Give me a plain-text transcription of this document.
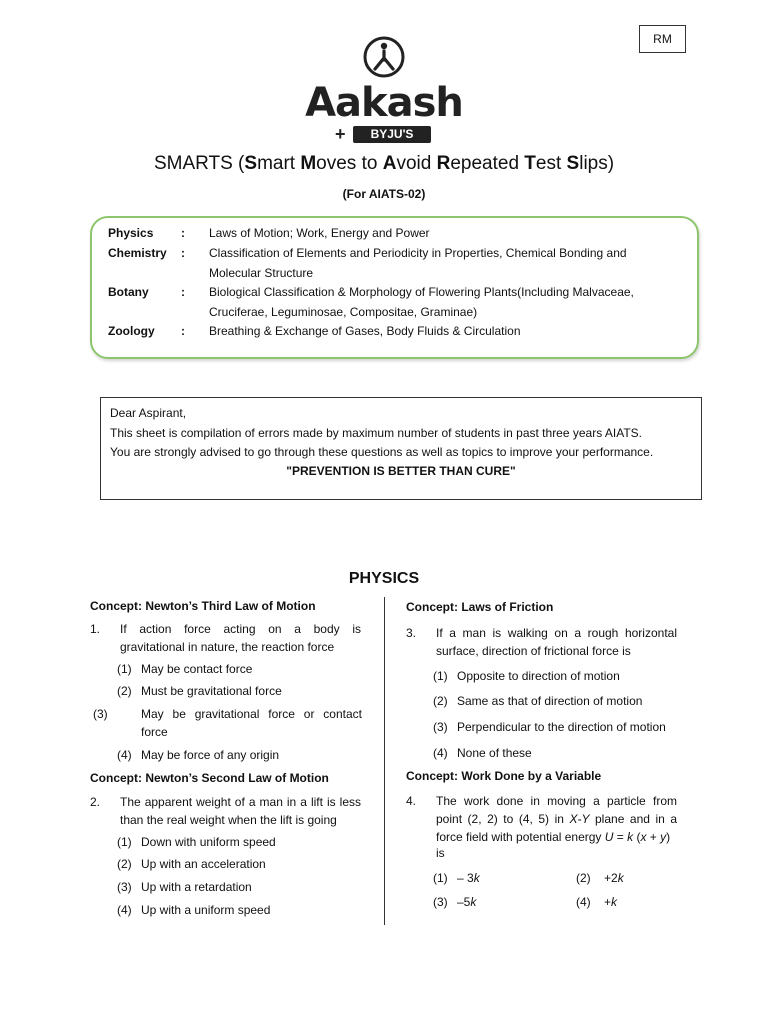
RM
Aakash
+	BYJU'S
SMARTS (Smart Moves to Avoid Repeated Test Slips)
(For AIATS-02)
Physics : Laws of Motion; Work, Energy and Power
Chemistry : Classification of Elements and Periodicity in Properties, Chemical Bonding and Molecular Structure
Botany	: Biological Classification & Morphology of Flowering Plants(Including Malvaceae, Cruciferae, Leguminosae, Compositae, Graminae)
Zoology : Breathing & Exchange of Gases, Body Fluids & Circulation
Dear Aspirant,
This sheet is compilation of errors made by maximum number of students in past three years AIATS.
You are strongly advised to go through these questions as well as topics to improve your performance.
"PREVENTION IS BETTER THAN CURE"
PHYSICS
Concept: Newton’s Third Law of Motion
1. If action force acting on a body is gravitational in nature, the reaction force
(1) May be contact force
(2) Must be gravitational force
(3)	May be gravitational force or contact force
(4) May be force of any origin
Concept: Newton’s Second Law of Motion
2. The apparent weight of a man in a lift is less than the real weight when the lift is going
(1) Down with uniform speed
(2) Up with an acceleration
(3) Up with a retardation
(4) Up with a uniform speed
Concept: Laws of Friction
3. If a man is walking on a rough horizontal surface, direction of frictional force is
(1) Opposite to direction of motion
(2) Same as that of direction of motion
(3) Perpendicular to the direction of motion
(4) None of these
Concept: Work Done by a Variable
4. The work done in moving a particle from point (2, 2) to (4, 5) in X-Y plane and in a force field with potential energy U = k (x + y)
is
(1) – 3k	(2) +2k
(3) –5k	(4) +k
